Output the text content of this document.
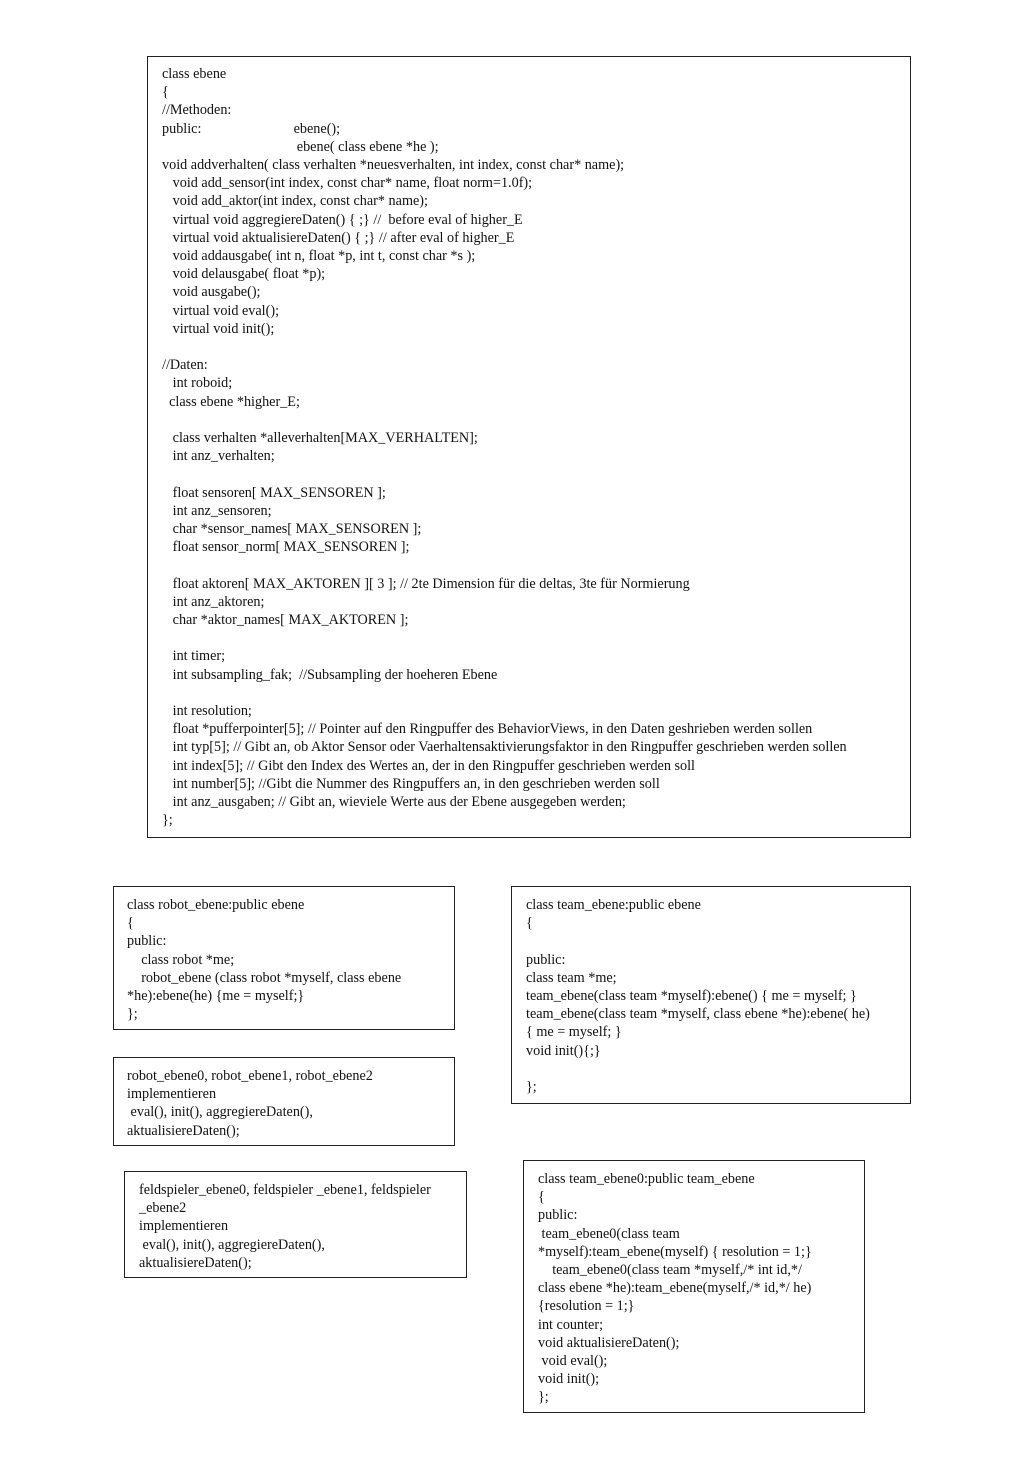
class ebene
{
//Methoden:
public:                          ebene();
ebene( class ebene *he );
void addverhalten( class verhalten *neuesverhalten, int index, const char* name);
void add_sensor(int index, const char* name, float norm=1.0f);
void add_aktor(int index, const char* name);
virtual void aggregiereDaten() { ;} //  before eval of higher_E
virtual void aktualisiereDaten() { ;} // after eval of higher_E
void addausgabe( int n, float *p, int t, const char *s );
void delausgabe( float *p);
void ausgabe();
virtual void eval();
virtual void init();
//Daten:
int roboid;
class ebene *higher_E;
class verhalten *alleverhalten[MAX_VERHALTEN];
int anz_verhalten;
float sensoren[ MAX_SENSOREN ];
int anz_sensoren;
char *sensor_names[ MAX_SENSOREN ];
float sensor_norm[ MAX_SENSOREN ];
float aktoren[ MAX_AKTOREN ][ 3 ]; // 2te Dimension für die deltas, 3te für Normierung
int anz_aktoren;
char *aktor_names[ MAX_AKTOREN ];
int timer;
int subsampling_fak;  //Subsampling der hoeheren Ebene
int resolution;
float *pufferpointer[5]; // Pointer auf den Ringpuffer des BehaviorViews, in den Daten geshrieben werden sollen
int typ[5]; // Gibt an, ob Aktor Sensor oder Vaerhaltensaktivierungsfaktor in den Ringpuffer geschrieben werden sollen
int index[5]; // Gibt den Index des Wertes an, der in den Ringpuffer geschrieben werden soll
int number[5]; //Gibt die Nummer des Ringpuffers an, in den geschrieben werden soll
int anz_ausgaben; // Gibt an, wieviele Werte aus der Ebene ausgegeben werden;
};
class robot_ebene:public ebene
{
public:
class robot *me;
robot_ebene (class robot *myself, class ebene
*he):ebene(he) {me = myself;}
};
robot_ebene0, robot_ebene1, robot_ebene2
implementieren
eval(), init(), aggregiereDaten(),
aktualisiereDaten();
feldspieler_ebene0, feldspieler _ebene1, feldspieler
_ebene2
implementieren
eval(), init(), aggregiereDaten(),
aktualisiereDaten();
class team_ebene:public ebene
{
public:
class team *me;
team_ebene(class team *myself):ebene() { me = myself; }
team_ebene(class team *myself, class ebene *he):ebene( he)
{ me = myself; }
void init(){;}
};
class team_ebene0:public team_ebene
{
public:
team_ebene0(class team
*myself):team_ebene(myself) { resolution = 1;}
team_ebene0(class team *myself,/* int id,*/
class ebene *he):team_ebene(myself,/* id,*/ he)
{resolution = 1;}
int counter;
void aktualisiereDaten();
void eval();
void init();
};
